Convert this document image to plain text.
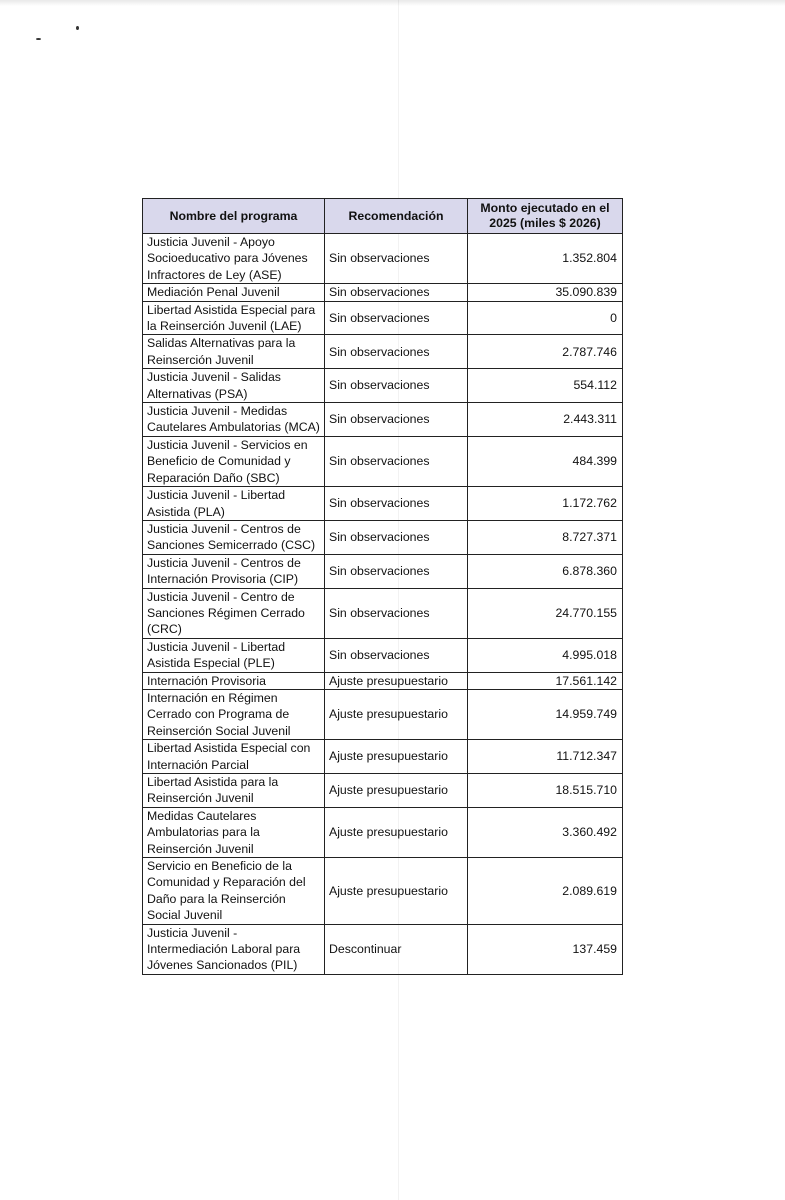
Nombre del programa	Recomendación	Monto ejecutado en el 2025 (miles $ 2026)
Justicia Juvenil - Apoyo Socioeducativo para Jóvenes Infractores de Ley (ASE)	Sin observaciones	1.352.804
Mediación Penal Juvenil	Sin observaciones	35.090.839
Libertad Asistida Especial para la Reinserción Juvenil (LAE)	Sin observaciones	0
Salidas Alternativas para la Reinserción Juvenil	Sin observaciones	2.787.746
Justicia Juvenil - Salidas Alternativas (PSA)	Sin observaciones	554.112
Justicia Juvenil - Medidas Cautelares Ambulatorias (MCA)	Sin observaciones	2.443.311
Justicia Juvenil - Servicios en Beneficio de Comunidad y Reparación Daño (SBC)	Sin observaciones	484.399
Justicia Juvenil - Libertad Asistida (PLA)	Sin observaciones	1.172.762
Justicia Juvenil - Centros de Sanciones Semicerrado (CSC)	Sin observaciones	8.727.371
Justicia Juvenil - Centros de Internación Provisoria (CIP)	Sin observaciones	6.878.360
Justicia Juvenil - Centro de Sanciones Régimen Cerrado (CRC)	Sin observaciones	24.770.155
Justicia Juvenil - Libertad Asistida Especial (PLE)	Sin observaciones	4.995.018
Internación Provisoria	Ajuste presupuestario	17.561.142
Internación en Régimen Cerrado con Programa de Reinserción Social Juvenil	Ajuste presupuestario	14.959.749
Libertad Asistida Especial con Internación Parcial	Ajuste presupuestario	11.712.347
Libertad Asistida para la Reinserción Juvenil	Ajuste presupuestario	18.515.710
Medidas Cautelares Ambulatorias para la Reinserción Juvenil	Ajuste presupuestario	3.360.492
Servicio en Beneficio de la Comunidad y Reparación del Daño para la Reinserción Social Juvenil	Ajuste presupuestario	2.089.619
Justicia Juvenil - Intermediación Laboral para Jóvenes Sancionados (PIL)	Descontinuar	137.459
